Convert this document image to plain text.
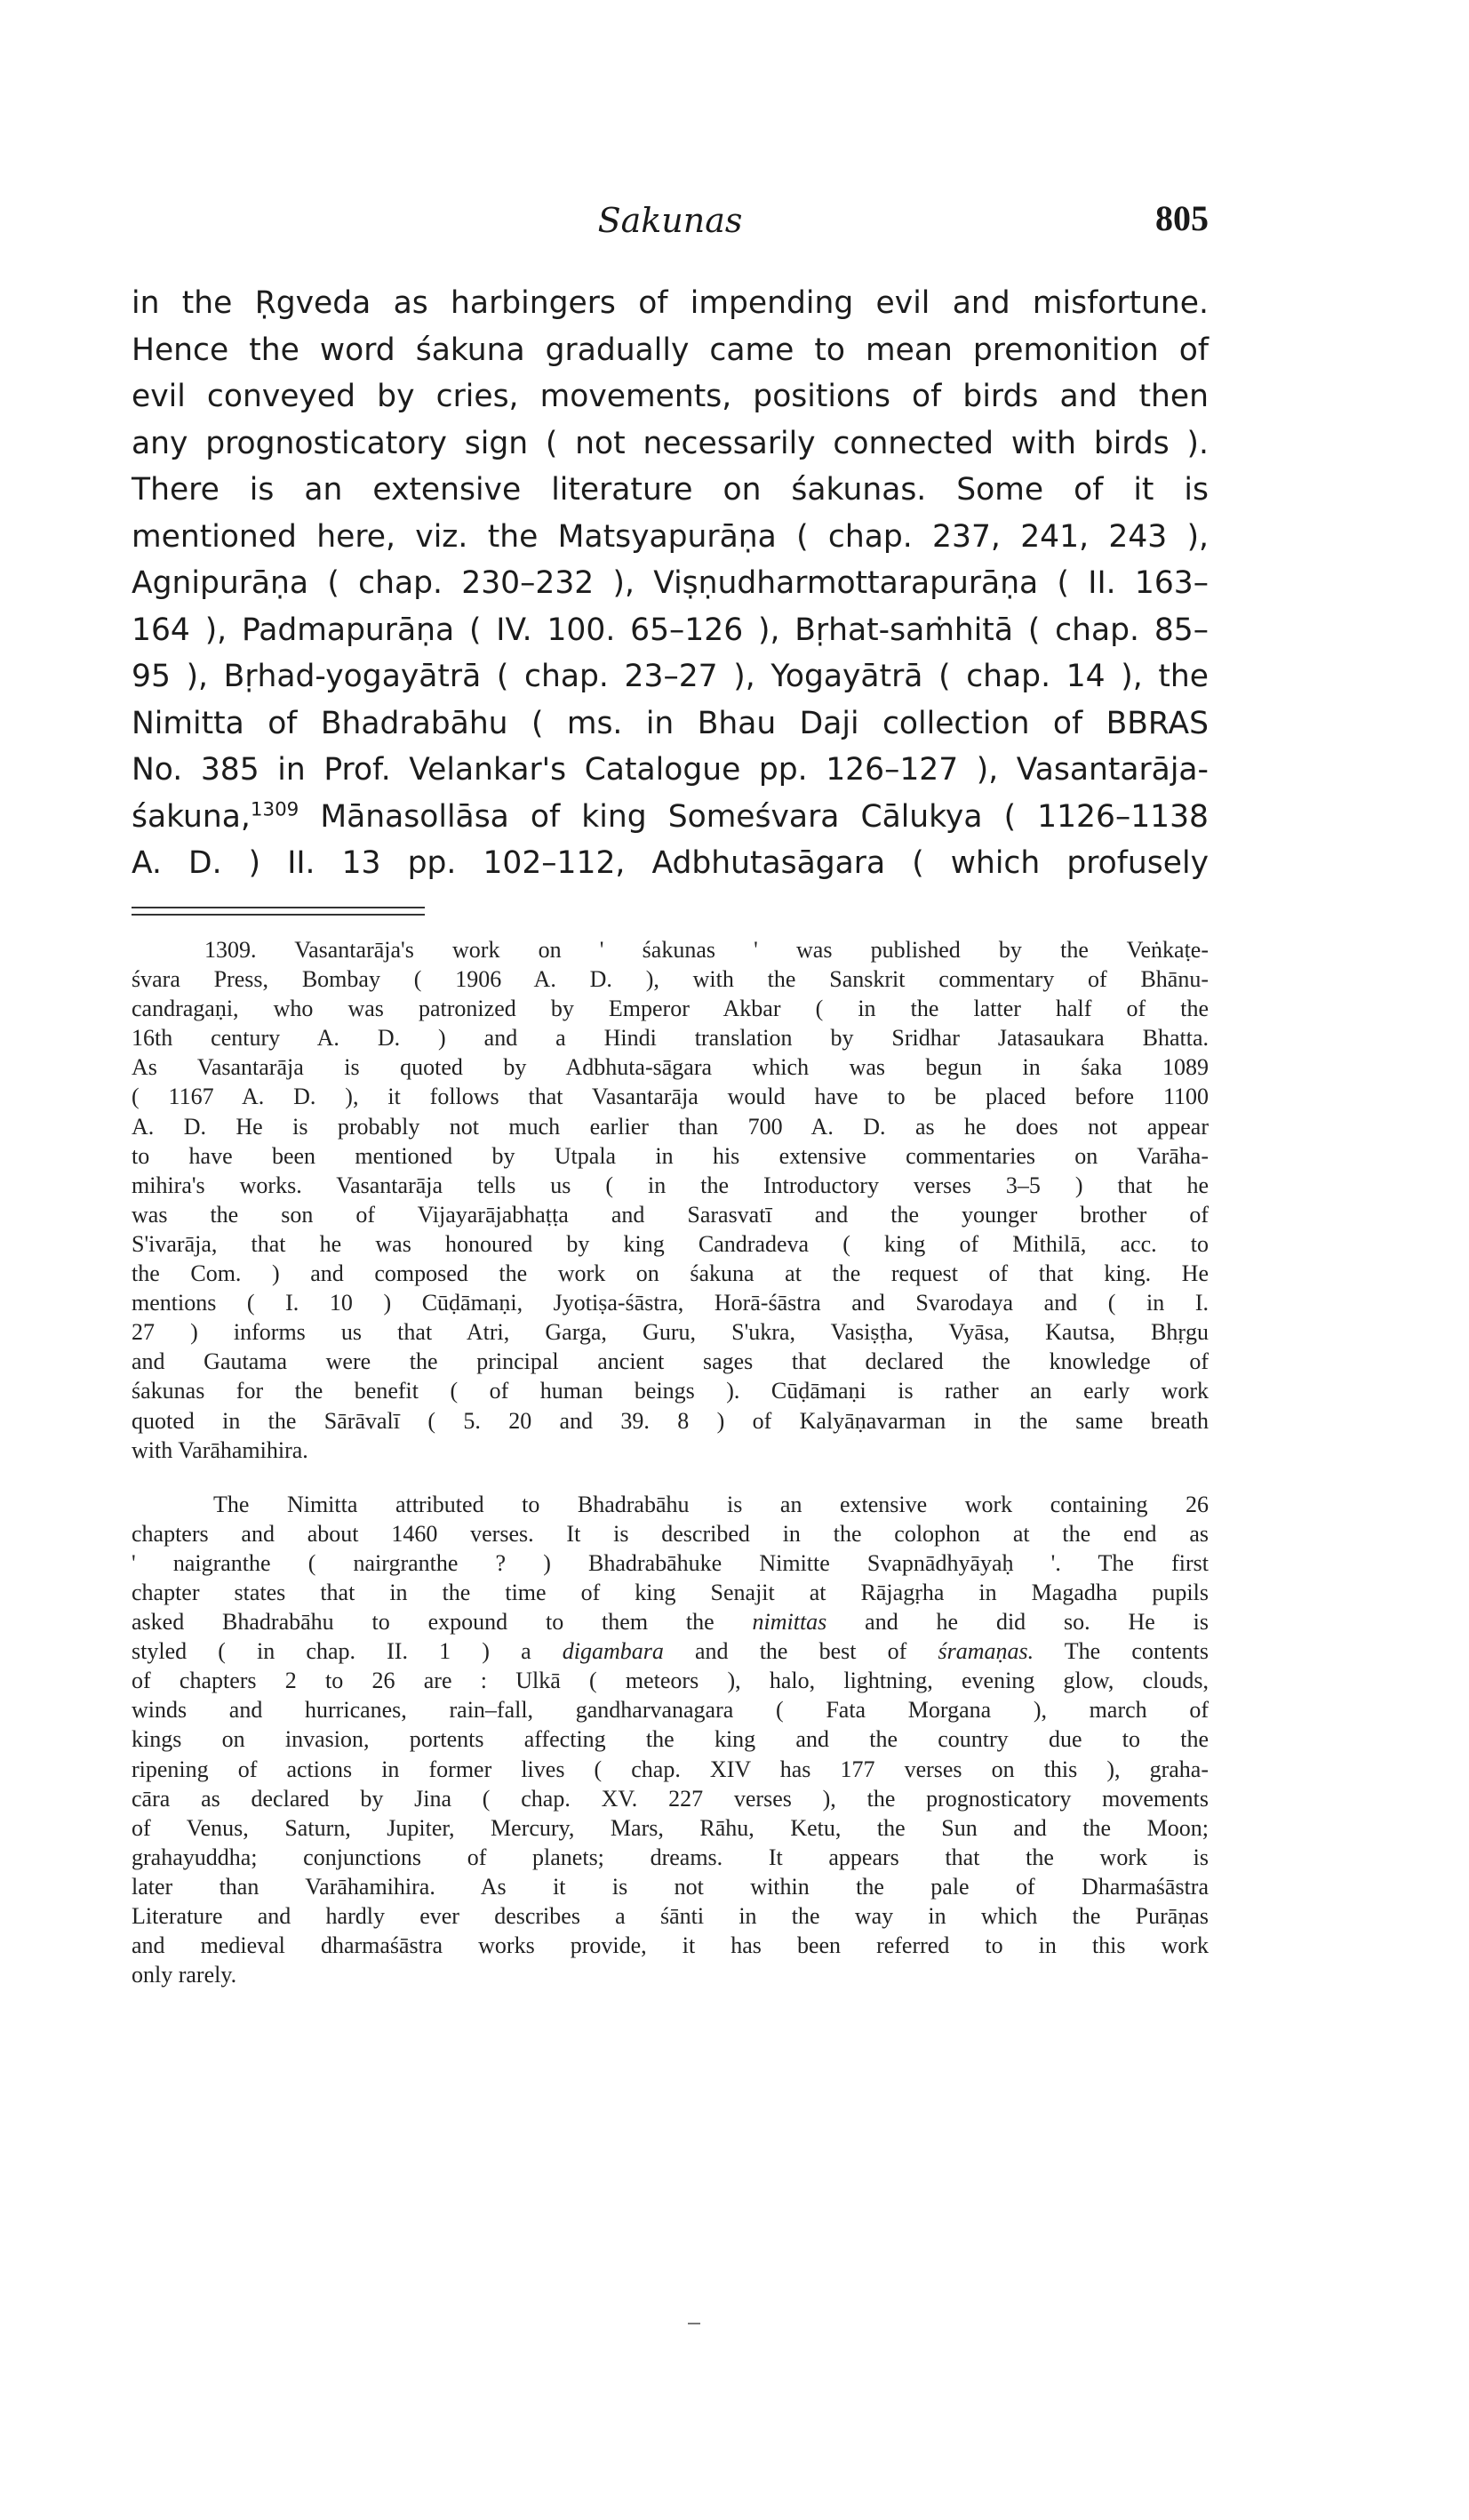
Sakunas	805

in the Ṛgveda as harbingers of impending evil and misfortune.

Hence the word śakuna gradually came to mean premonition of

evil conveyed by cries, movements, positions of birds and then

any prognosticatory sign ( not necessarily connected with birds ).

There is an extensive literature on śakunas. Some of it is

mentioned here, viz. the Matsyapurāṇa ( chap. 237, 241, 243 ),

Agnipurāṇa ( chap. 230–232 ), Viṣṇudharmottarapurāṇa ( II. 163–

164 ), Padmapurāṇa ( IV. 100. 65–126 ), Bṛhat-saṁhitā ( chap. 85–

95 ), Bṛhad-yogayātrā ( chap. 23–27 ), Yogayātrā ( chap. 14 ), the

Nimitta of Bhadrabāhu ( ms. in Bhau Daji collection of BBRAS

No. 385 in Prof. Velankar's Catalogue pp. 126–127 ), Vasantarāja-

śakuna,$^{1309}$ Mānasollāsa of king Someśvara Cālukya ( 1126–1138

A. D. ) II. 13 pp. 102–112, Adbhutasāgara ( which profusely

1309. Vasantarāja's work on ' śakunas ' was published by the Veṅkaṭe-
śvara Press, Bombay ( 1906 A. D. ), with the Sanskrit commentary of Bhānu-
candragaṇi, who was patronized by Emperor Akbar ( in the latter half of the
16th century A. D. ) and a Hindi translation by Sridhar Jatasaukara Bhatta.
As Vasantarāja is quoted by Adbhuta-sāgara which was begun in śaka 1089
( 1167 A. D. ), it follows that Vasantarāja would have to be placed before 1100
A. D. He is probably not much earlier than 700 A. D. as he does not appear
to have been mentioned by Utpala in his extensive commentaries on Varāha-
mihira's works. Vasantarāja tells us ( in the Introductory verses 3–5 ) that he
was the son of Vijayarājabhaṭṭa and Sarasvatī and the younger brother of
S'ivarāja, that he was honoured by king Candradeva ( king of Mithilā, acc. to
the Com. ) and composed the work on śakuna at the request of that king. He
mentions ( I. 10 ) Cūḍāmaṇi, Jyotiṣa-śāstra, Horā-śāstra and Svarodaya and ( in I.
27 ) informs us that Atri, Garga, Guru, S'ukra, Vasiṣṭha, Vyāsa, Kautsa, Bhṛgu
and Gautama were the principal ancient sages that declared the knowledge of
śakunas for the benefit ( of human beings ). Cūḍāmaṇi is rather an early work
quoted in the Sārāvalī ( 5. 20 and 39. 8 ) of Kalyāṇavarman in the same breath
with Varāhamihira.
The Nimitta attributed to Bhadrabāhu is an extensive work containing 26
chapters and about 1460 verses. It is described in the colophon at the end as
' naigranthe ( nairgranthe ? ) Bhadrabāhuke Nimitte Svapnādhyāyaḥ '. The first
chapter states that in the time of king Senajit at Rājagṛha in Magadha pupils
asked Bhadrabāhu to expound to them the nimittas and he did so. He is
styled ( in chap. II. 1 ) a digambara and the best of śramaṇas. The contents
of chapters 2 to 26 are : Ulkā ( meteors ), halo, lightning, evening glow, clouds,
winds and hurricanes, rain–fall, gandharvanagara ( Fata Morgana ), march of
kings on invasion, portents affecting the king and the country due to the
ripening of actions in former lives ( chap. XIV has 177 verses on this ), graha-
cāra as declared by Jina ( chap. XV. 227 verses ), the prognosticatory movements
of Venus, Saturn, Jupiter, Mercury, Mars, Rāhu, Ketu, the Sun and the Moon;
grahayuddha; conjunctions of planets; dreams. It appears that the work is
later than Varāhamihira. As it is not within the pale of Dharmaśāstra
Literature and hardly ever describes a śānti in the way in which the Purāṇas
and medieval dharmaśāstra works provide, it has been referred to in this work
only rarely.
